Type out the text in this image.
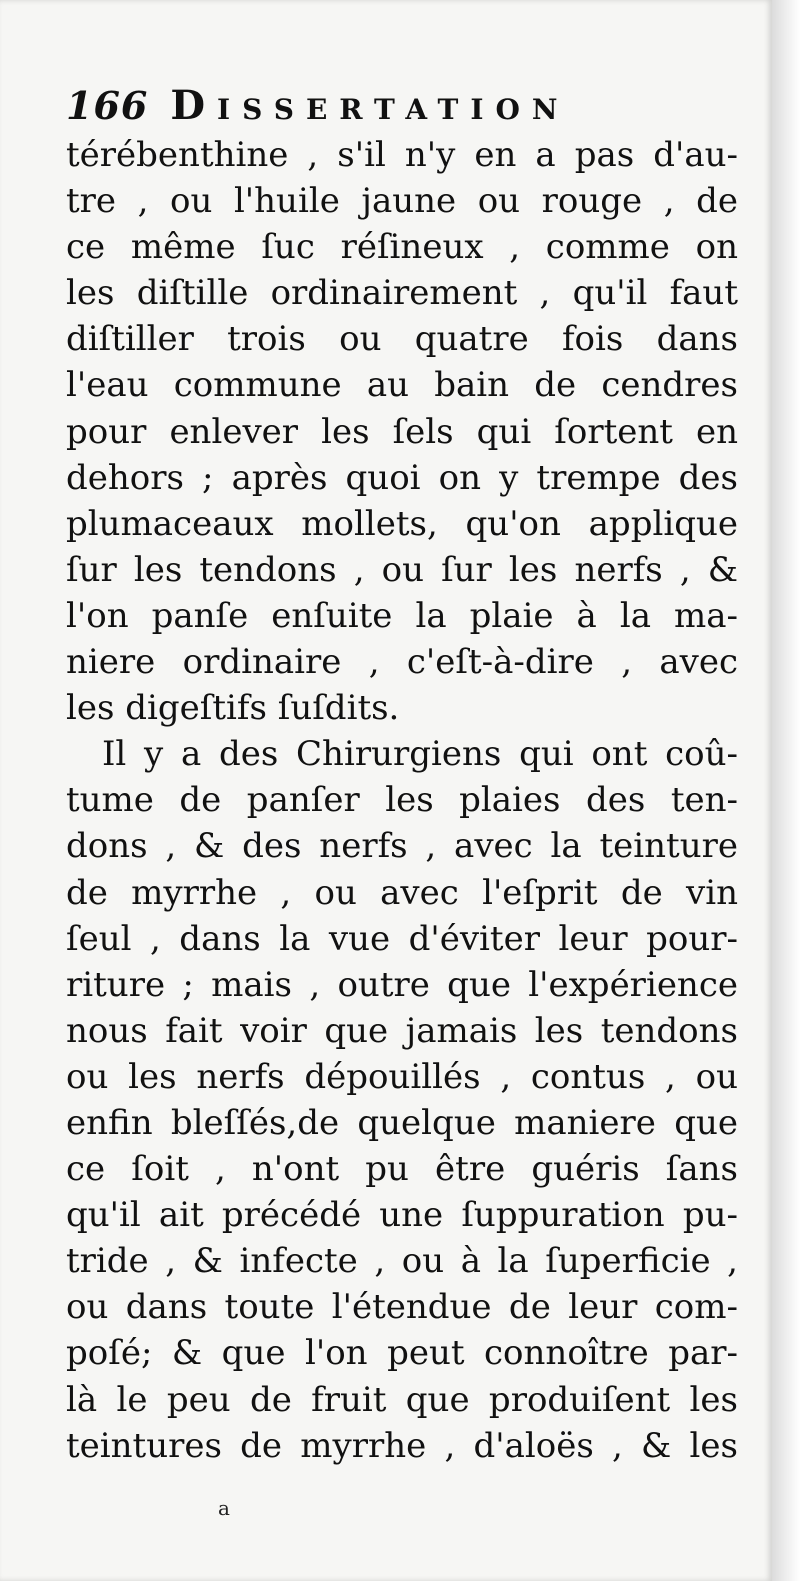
166 Dissertation
térébenthine , s'il n'y en a pas d'au-
tre , ou l'huile jaune ou rouge , de
ce même ſuc réſineux , comme on
les diſtille ordinairement , qu'il faut
diſtiller trois ou quatre fois dans
l'eau commune au bain de cendres
pour enlever les ſels qui ſortent en
dehors ; après quoi on y trempe des
plumaceaux mollets, qu'on applique
ſur les tendons , ou ſur les nerfs , &
l'on panſe enſuite la plaie à la ma-
niere ordinaire , c'eſt-à-dire , avec
les digeſtifs ſuſdits.
Il y a des Chirurgiens qui ont coû-
tume de panſer les plaies des ten-
dons , & des nerfs , avec la teinture
de myrrhe , ou avec l'eſprit de vin
ſeul , dans la vue d'éviter leur pour-
riture ; mais , outre que l'expérience
nous fait voir que jamais les tendons
ou les nerfs dépouillés , contus , ou
enfin bleſſés,de quelque maniere que
ce ſoit , n'ont pu être guéris ſans
qu'il ait précédé une ſuppuration pu-
tride , & infecte , ou à la ſuperficie ,
ou dans toute l'étendue de leur com-
poſé; & que l'on peut connoître par-
là le peu de fruit que produiſent les
teintures de myrrhe , d'aloës , & les
a
